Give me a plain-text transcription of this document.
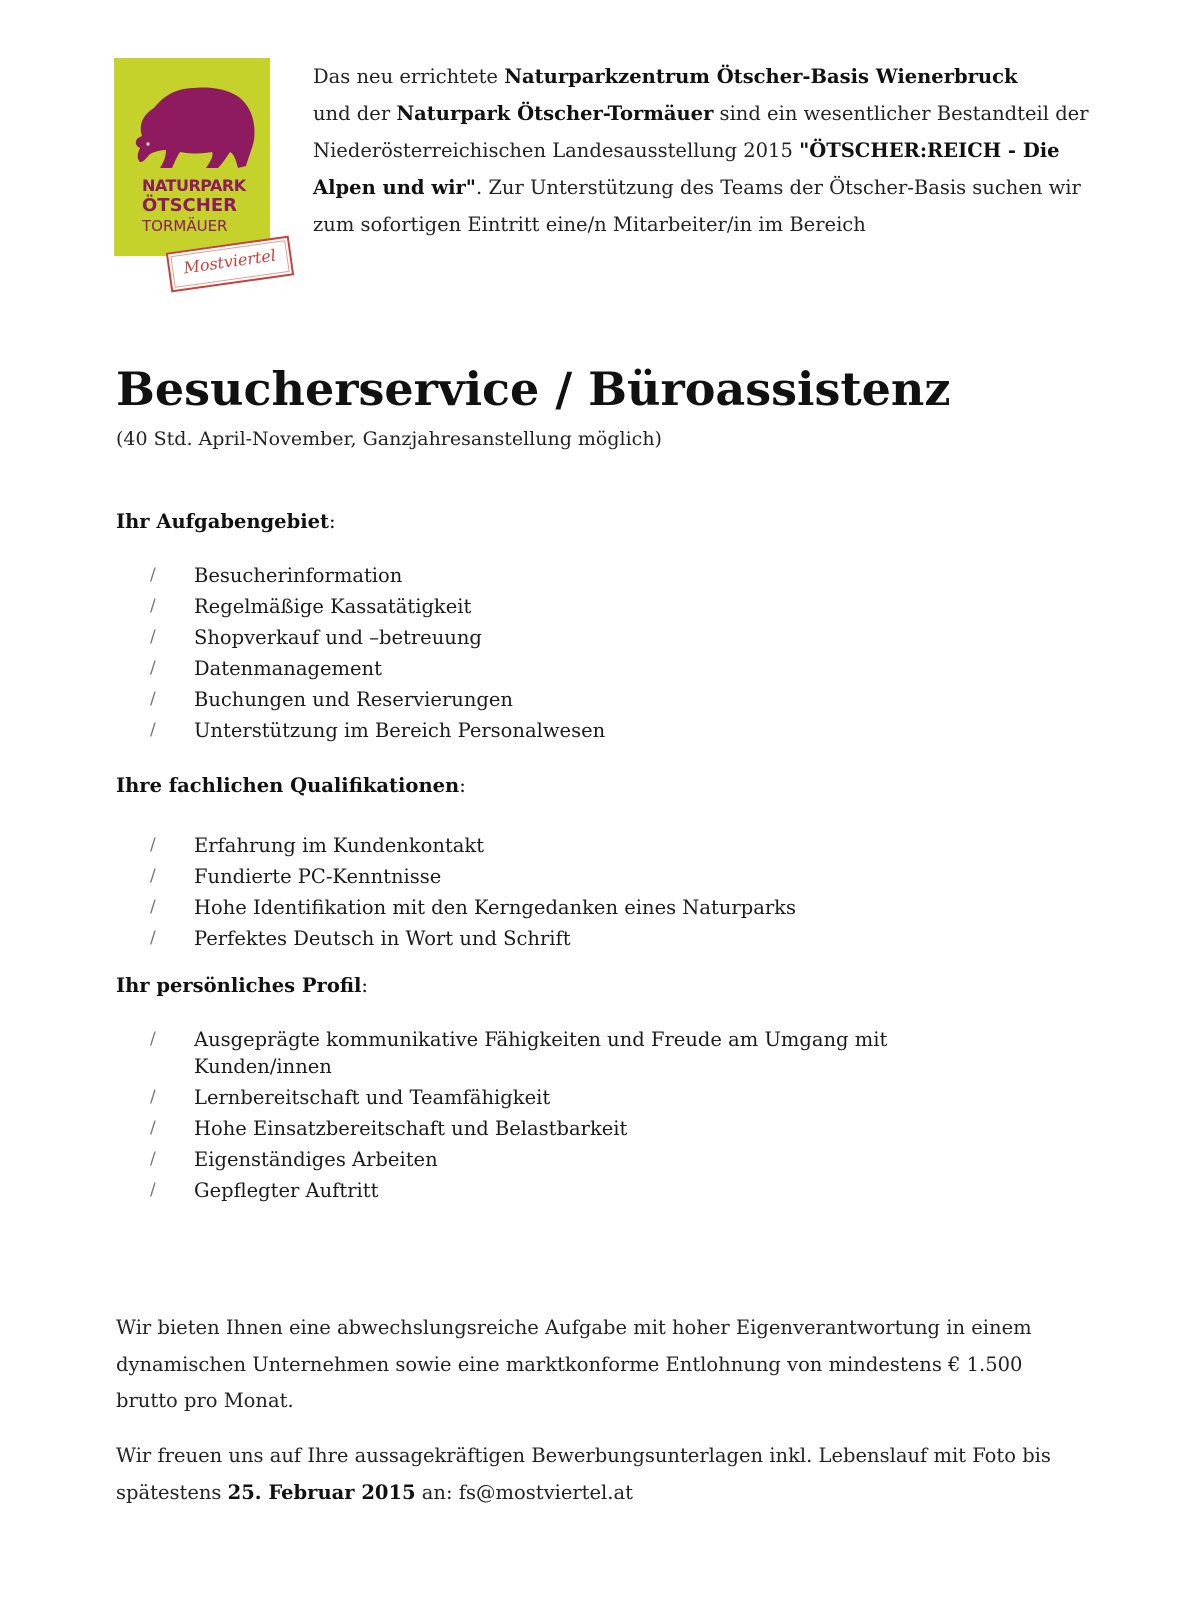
NATURPARK
ÖTSCHER
TORMÄUER
Mostviertel
Das neu errichtete Naturparkzentrum Ötscher-Basis Wienerbruck
und der Naturpark Ötscher-Tormäuer sind ein wesentlicher Bestandteil der Niederösterreichischen Landesausstellung 2015 "ÖTSCHER:REICH - Die Alpen und wir". Zur Unterstützung des Teams der Ötscher-Basis suchen wir zum sofortigen Eintritt eine/n Mitarbeiter/in im Bereich
Besucherservice / Büroassistenz
(40 Std. April-November, Ganzjahresanstellung möglich)
Ihr Aufgabengebiet:
/ Besucherinformation
/ Regelmäßige Kassatätigkeit
/ Shopverkauf und –betreuung
/ Datenmanagement
/ Buchungen und Reservierungen
/ Unterstützung im Bereich Personalwesen
Ihre fachlichen Qualifikationen:
/ Erfahrung im Kundenkontakt
/ Fundierte PC-Kenntnisse
/ Hohe Identifikation mit den Kerngedanken eines Naturparks
/ Perfektes Deutsch in Wort und Schrift
Ihr persönliches Profil:
/ Ausgeprägte kommunikative Fähigkeiten und Freude am Umgang mit Kunden/innen
/ Lernbereitschaft und Teamfähigkeit
/ Hohe Einsatzbereitschaft und Belastbarkeit
/ Eigenständiges Arbeiten
/ Gepflegter Auftritt
Wir bieten Ihnen eine abwechslungsreiche Aufgabe mit hoher Eigenverantwortung in einem dynamischen Unternehmen sowie eine marktkonforme Entlohnung von mindestens € 1.500 brutto pro Monat.
Wir freuen uns auf Ihre aussagekräftigen Bewerbungsunterlagen inkl. Lebenslauf mit Foto bis spätestens 25. Februar 2015 an: fs@mostviertel.at
